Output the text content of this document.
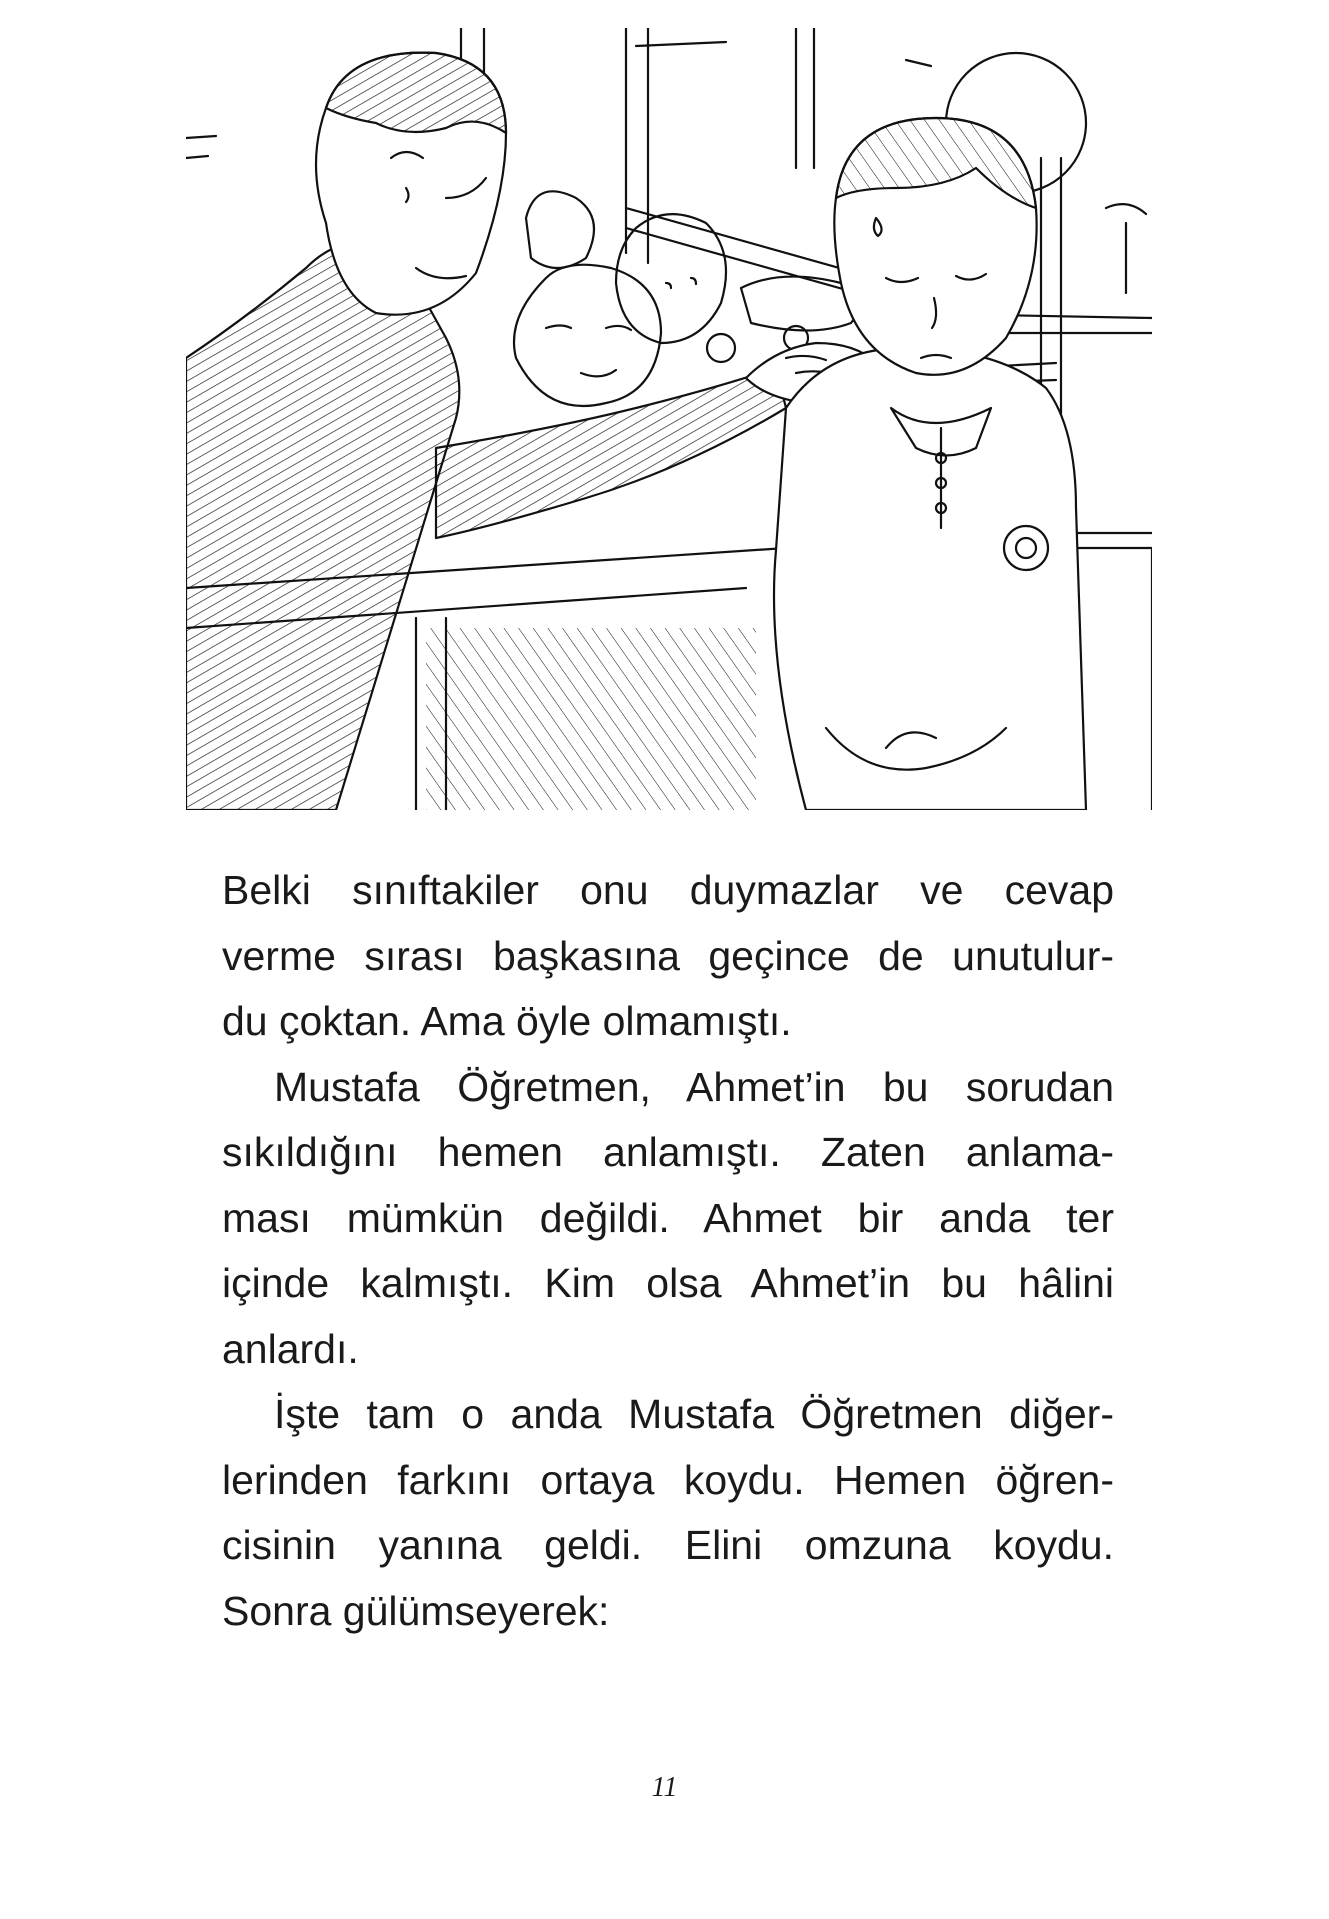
Belki sınıftakiler onu duymazlar ve cevap
verme sırası başkasına geçince de unutulur-
du çoktan. Ama öyle olmamıştı.

Mustafa Öğretmen, Ahmet’in bu sorudan
sıkıldığını hemen anlamıştı. Zaten anlama-
ması mümkün değildi. Ahmet bir anda ter
içinde kalmıştı. Kim olsa Ahmet’in bu hâlini
anlardı.

İşte tam o anda Mustafa Öğretmen diğer-
lerinden farkını ortaya koydu. Hemen öğren-
cisinin yanına geldi. Elini omzuna koydu.
Sonra gülümseyerek:

11
